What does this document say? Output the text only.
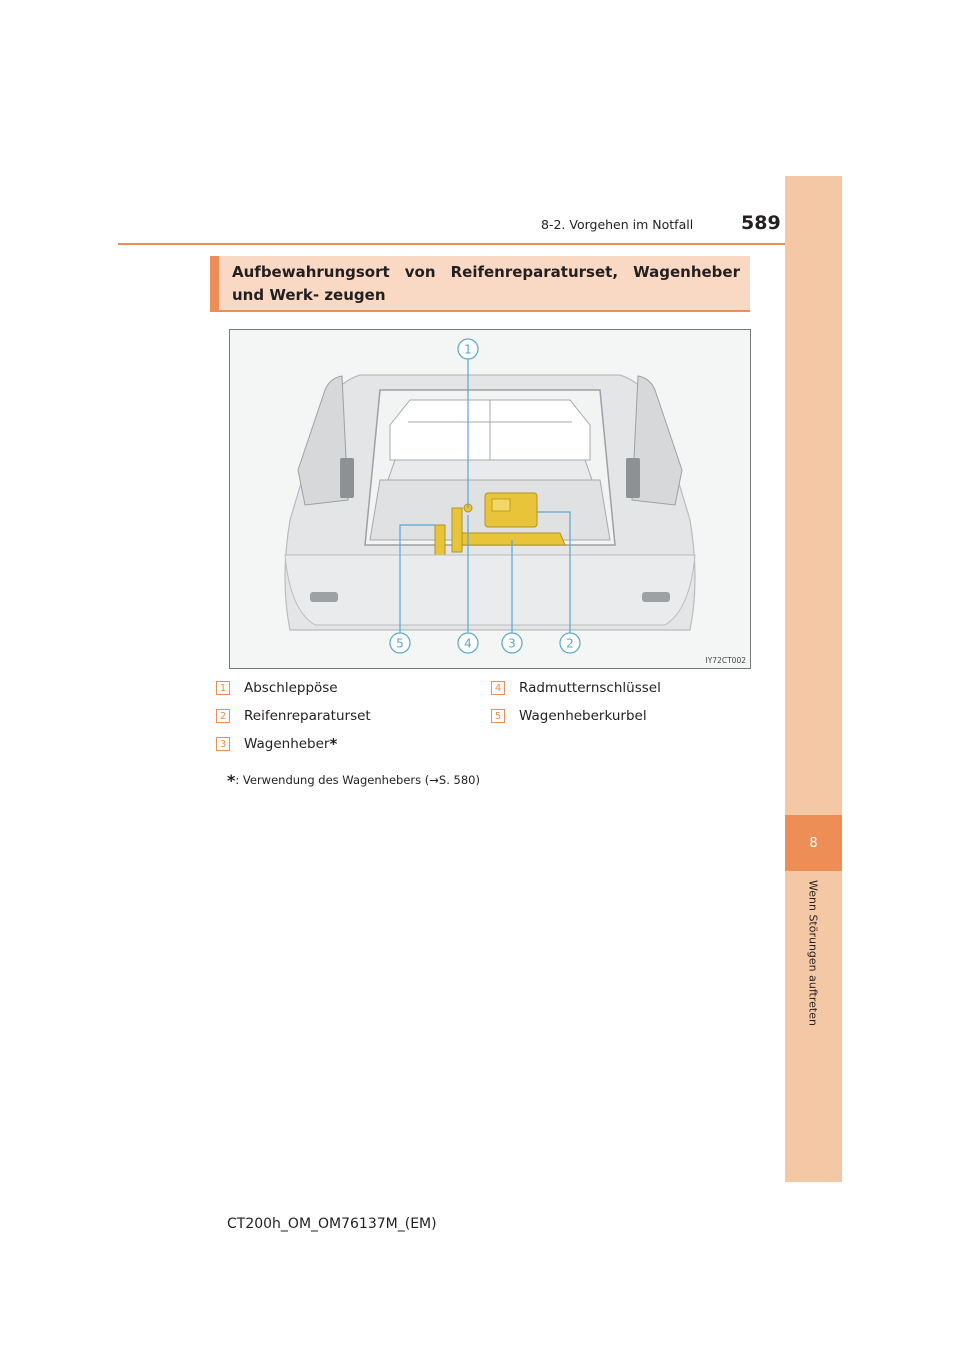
8
Wenn Störungen auftreten
8-2. Vorgehen im Notfall	589
Aufbewahrungsort von Reifenreparaturset, Wagenheber und Werk- zeugen
1
5	4	3	2
IY72CT002
1 Abschleppöse
2 Reifenreparaturset
3 Wagenheber *
4 Radmutternschlüssel
5 Wagenheberkurbel
*: Verwendung des Wagenhebers (→S. 580)
CT200h_OM_OM76137M_(EM)
